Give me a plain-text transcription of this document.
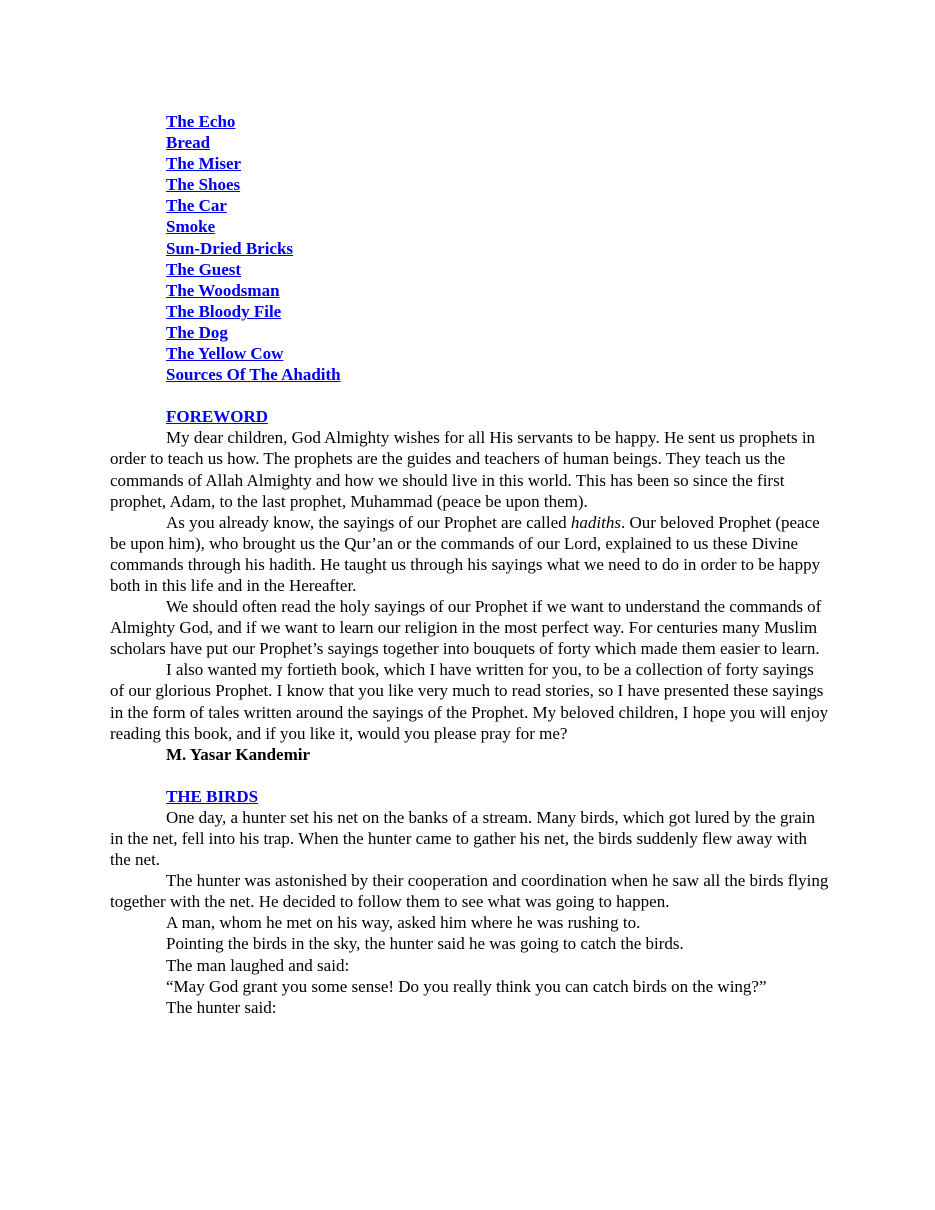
The Echo
Bread
The Miser
The Shoes
The Car
Smoke
Sun-Dried Bricks
The Guest
The Woodsman
The Bloody File
The Dog
The Yellow Cow
Sources Of The Ahadith
FOREWORD

My dear children, God Almighty wishes for all His servants to be happy. He sent us prophets in order to teach us how. The prophets are the guides and teachers of human beings. They teach us the commands of Allah Almighty and how we should live in this world. This has been so since the first prophet, Adam, to the last prophet, Muhammad (peace be upon them).

As you already know, the sayings of our Prophet are called hadiths. Our beloved Prophet (peace be upon him), who brought us the Qur’an or the commands of our Lord, explained to us these Divine commands through his hadith. He taught us through his sayings what we need to do in order to be happy both in this life and in the Hereafter.

We should often read the holy sayings of our Prophet if we want to understand the commands of Almighty God, and if we want to learn our religion in the most perfect way. For centuries many Muslim scholars have put our Prophet’s sayings together into bouquets of forty which made them easier to learn.

I also wanted my fortieth book, which I have written for you, to be a collection of forty sayings of our glorious Prophet. I know that you like very much to read stories, so I have presented these sayings in the form of tales written around the sayings of the Prophet. My beloved children, I hope you will enjoy reading this book, and if you like it, would you please pray for me?

M. Yasar Kandemir
THE BIRDS

One day, a hunter set his net on the banks of a stream. Many birds, which got lured by the grain in the net, fell into his trap. When the hunter came to gather his net, the birds suddenly flew away with the net.

The hunter was astonished by their cooperation and coordination when he saw all the birds flying together with the net. He decided to follow them to see what was going to happen.

A man, whom he met on his way, asked him where he was rushing to.

Pointing the birds in the sky, the hunter said he was going to catch the birds.

The man laughed and said:

“May God grant you some sense! Do you really think you can catch birds on the wing?”

The hunter said:
